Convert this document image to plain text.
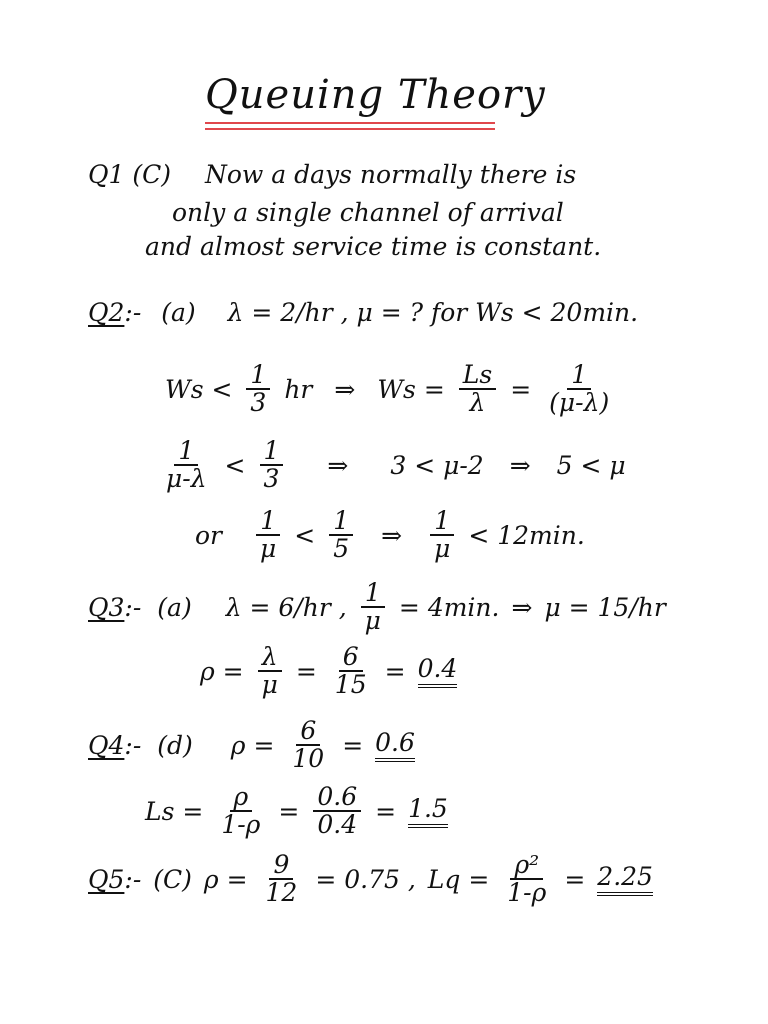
Queuing Theory
Q1 (C) Now a days normally there is
only a single channel of arrival
and almost service time is constant.
Q2:- (a) λ = 2/hr , μ = ? for Ws < 20min.
$Ws < \frac{1}{3}$ hr ⇒ $Ws = \frac{Ls}{\lambda} = \frac{1}{(\mu-\lambda)}$
$\frac{1}{\mu-\lambda} < \frac{1}{3}$ ⇒ 3 < μ-2 ⇒ 5 < μ
or $\frac{1}{\mu} < \frac{1}{5}$ ⇒ $\frac{1}{\mu} < 12\min$.
Q3:- (a) λ = 6/hr , $\frac{1}{\mu} = 4\min$. ⇒ μ = 15/hr
$\rho = \frac{\lambda}{\mu} = \frac{6}{15} = 0.4$
Q4:- (d) $\rho = \frac{6}{10} = 0.6$
$Ls = \frac{\rho}{1-\rho} = \frac{0.6}{0.4} = 1.5$
Q5:- (C) $\rho = \frac{9}{12} = 0.75$ , $Lq = \frac{\text{ρ²}}{1-\rho} = 2.25$
